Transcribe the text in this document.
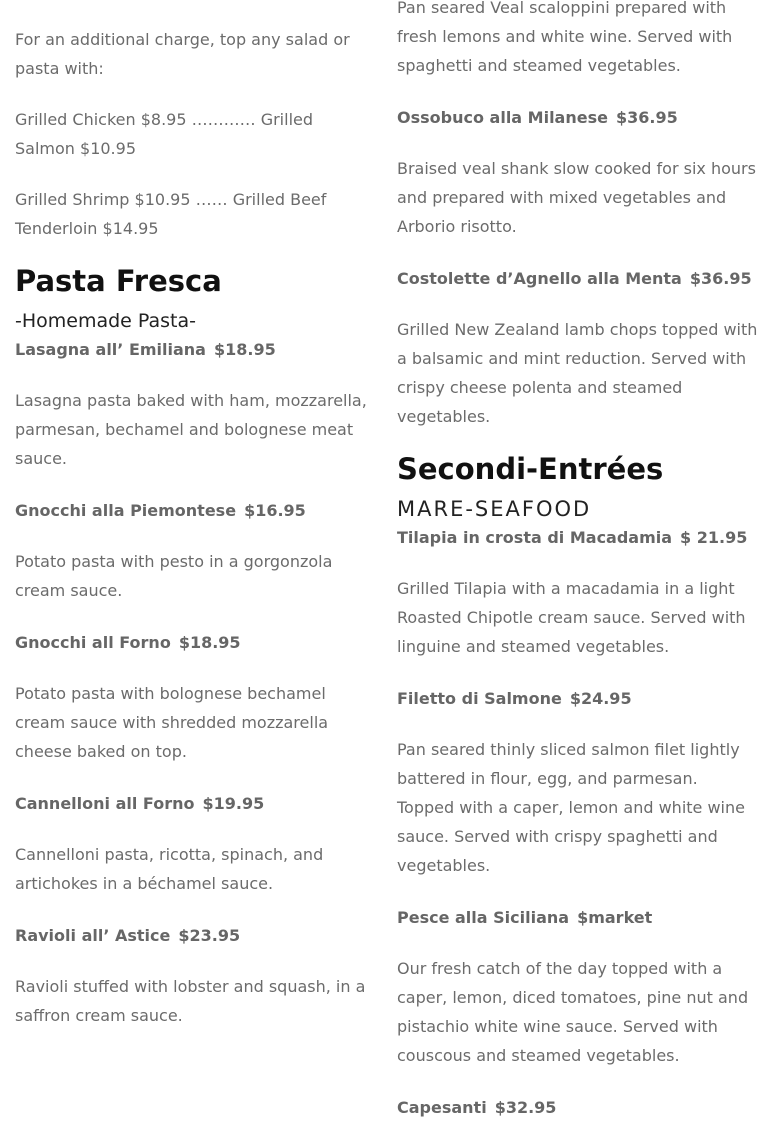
For an additional charge, top any salad or pasta with:

Grilled Chicken $8.95 ………… Grilled Salmon $10.95

Grilled Shrimp $10.95 …… Grilled Beef Tenderloin $14.95

Pasta Fresca
-Homemade Pasta-
Lasagna all’ Emiliana $18.95

Lasagna pasta baked with ham, mozzarella, parmesan, bechamel and bolognese meat sauce.

Gnocchi alla Piemontese $16.95

Potato pasta with pesto in a gorgonzola cream sauce.

Gnocchi all Forno $18.95

Potato pasta with bolognese bechamel cream sauce with shredded mozzarella cheese baked on top.

Cannelloni all Forno $19.95

Cannelloni pasta, ricotta, spinach, and artichokes in a béchamel sauce.

Ravioli all’ Astice $23.95

Ravioli stuffed with lobster and squash, in a saffron cream sauce.

Pan seared Veal scaloppini prepared with fresh lemons and white wine. Served with spaghetti and steamed vegetables.

Ossobuco alla Milanese $36.95

Braised veal shank slow cooked for six hours and prepared with mixed vegetables and Arborio risotto.

Costolette d’Agnello alla Menta $36.95

Grilled New Zealand lamb chops topped with a balsamic and mint reduction. Served with crispy cheese polenta and steamed vegetables.

Secondi-Entrées
MARE-SEAFOOD
Tilapia in crosta di Macadamia $ 21.95

Grilled Tilapia with a macadamia in a light Roasted Chipotle cream sauce. Served with linguine and steamed vegetables.

Filetto di Salmone $24.95

Pan seared thinly sliced salmon filet lightly battered in flour, egg, and parmesan. Topped with a caper, lemon and white wine sauce. Served with crispy spaghetti and vegetables.

Pesce alla Siciliana $market

Our fresh catch of the day topped with a caper, lemon, diced tomatoes, pine nut and pistachio white wine sauce. Served with couscous and steamed vegetables.

Capesanti $32.95
